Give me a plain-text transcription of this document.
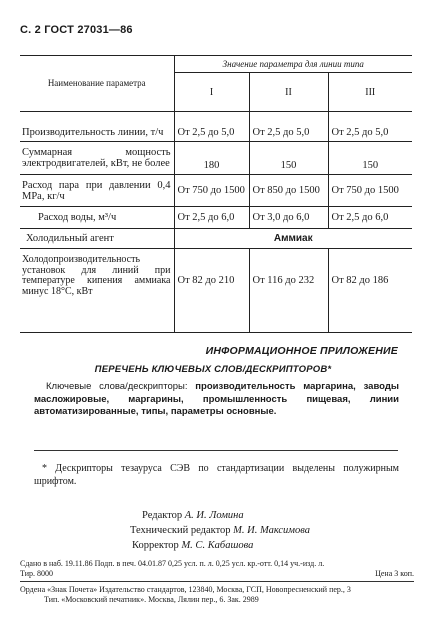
С. 2 ГОСТ 27031—86
Наименование параметра	Значение параметра для линии типа		
	I	II	III
Производительность линии, т/ч	От 2,5 до 5,0	От 2,5 до 5,0	От 2,5 до 5,0
Суммарная мощность электродвигателей, кВт, не более	180	150	150
Расход пара при давлении 0,4 MPa, кг/ч	От 750 до 1500	От 850 до 1500	От 750 до 1500
Расход воды, м³/ч	От 2,5 до 6,0	От 3,0 до 6,0	От 2,5 до 6,0
Холодильный агент	Аммиак		
Холодопроизводительность установок для линий при температуре кипения аммиака минус 18°С, кВт	От 82 до 210	От 116 до 232	От 82 до 186
ИНФОРМАЦИОННОЕ ПРИЛОЖЕНИЕ
ПЕРЕЧЕНЬ КЛЮЧЕВЫХ СЛОВ/ДЕСКРИПТОРОВ*
Ключевые слова/дескрипторы: производительность маргарина, заводы масложировые, маргарины, промышленность пищевая, линии автоматизированные, типы, параметры основные.
* Дескрипторы тезауруса СЭВ по стандартизации выделены полужирным шрифтом.
Редактор А. И. Ломина
Технический редактор М. И. Максимова
Корректор М. С. Кабашова
Сдано в наб. 19.11.86 Подп. в печ. 04.01.87 0,25 усл. п. л. 0,25 усл. кр.-отт. 0,14 уч.-изд. л.
Тир. 8000	Цена 3 коп.
Ордена «Знак Почета» Издательство стандартов, 123840, Москва, ГСП, Новопресненский пер., 3
Тип. «Московский печатник». Москва, Лялин пер., 6. Зак. 2989
